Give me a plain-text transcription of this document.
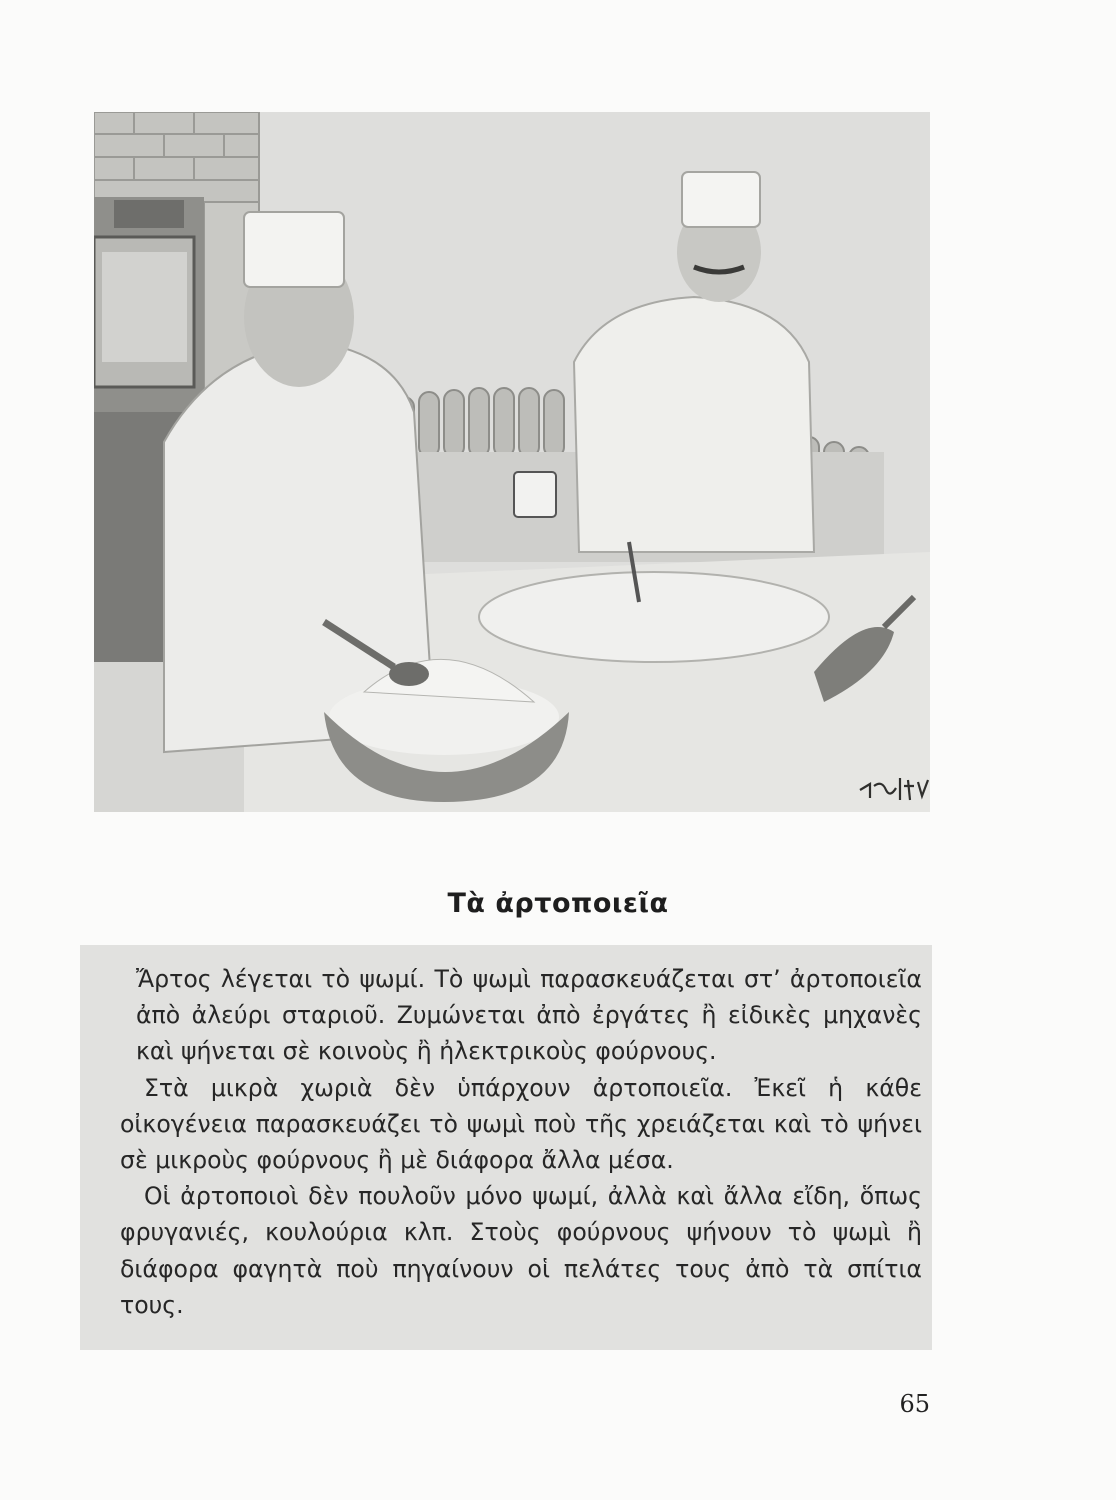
Τὰ ἀρτοποιεῖα

Ἄρτος λέγεται τὸ ψωμί. Τὸ ψωμὶ παρασκευάζεται στ’ ἀρτοποιεῖα ἀπὸ ἀλεύρι σταριοῦ. Ζυμώνεται ἀπὸ ἐργάτες ἢ εἰδικὲς μηχανὲς καὶ ψήνεται σὲ κοινοὺς ἢ ἠλεκτρικοὺς φούρνους.

Στὰ μικρὰ χωριὰ δὲν ὑπάρχουν ἀρτοποιεῖα. Ἐκεῖ ἡ κάθε οἰκογένεια παρασκευάζει τὸ ψωμὶ ποὺ τῆς χρειάζεται καὶ τὸ ψήνει σὲ μικροὺς φούρνους ἢ μὲ διάφορα ἄλλα μέσα.

Οἱ ἀρτοποιοὶ δὲν πουλοῦν μόνο ψωμί, ἀλλὰ καὶ ἄλλα εἴδη, ὅπως φρυγανιές, κουλούρια κλπ. Στοὺς φούρνους ψήνουν τὸ ψωμὶ ἢ διάφορα φαγητὰ ποὺ πηγαίνουν οἱ πελάτες τους ἀπὸ τὰ σπίτια τους.

65
